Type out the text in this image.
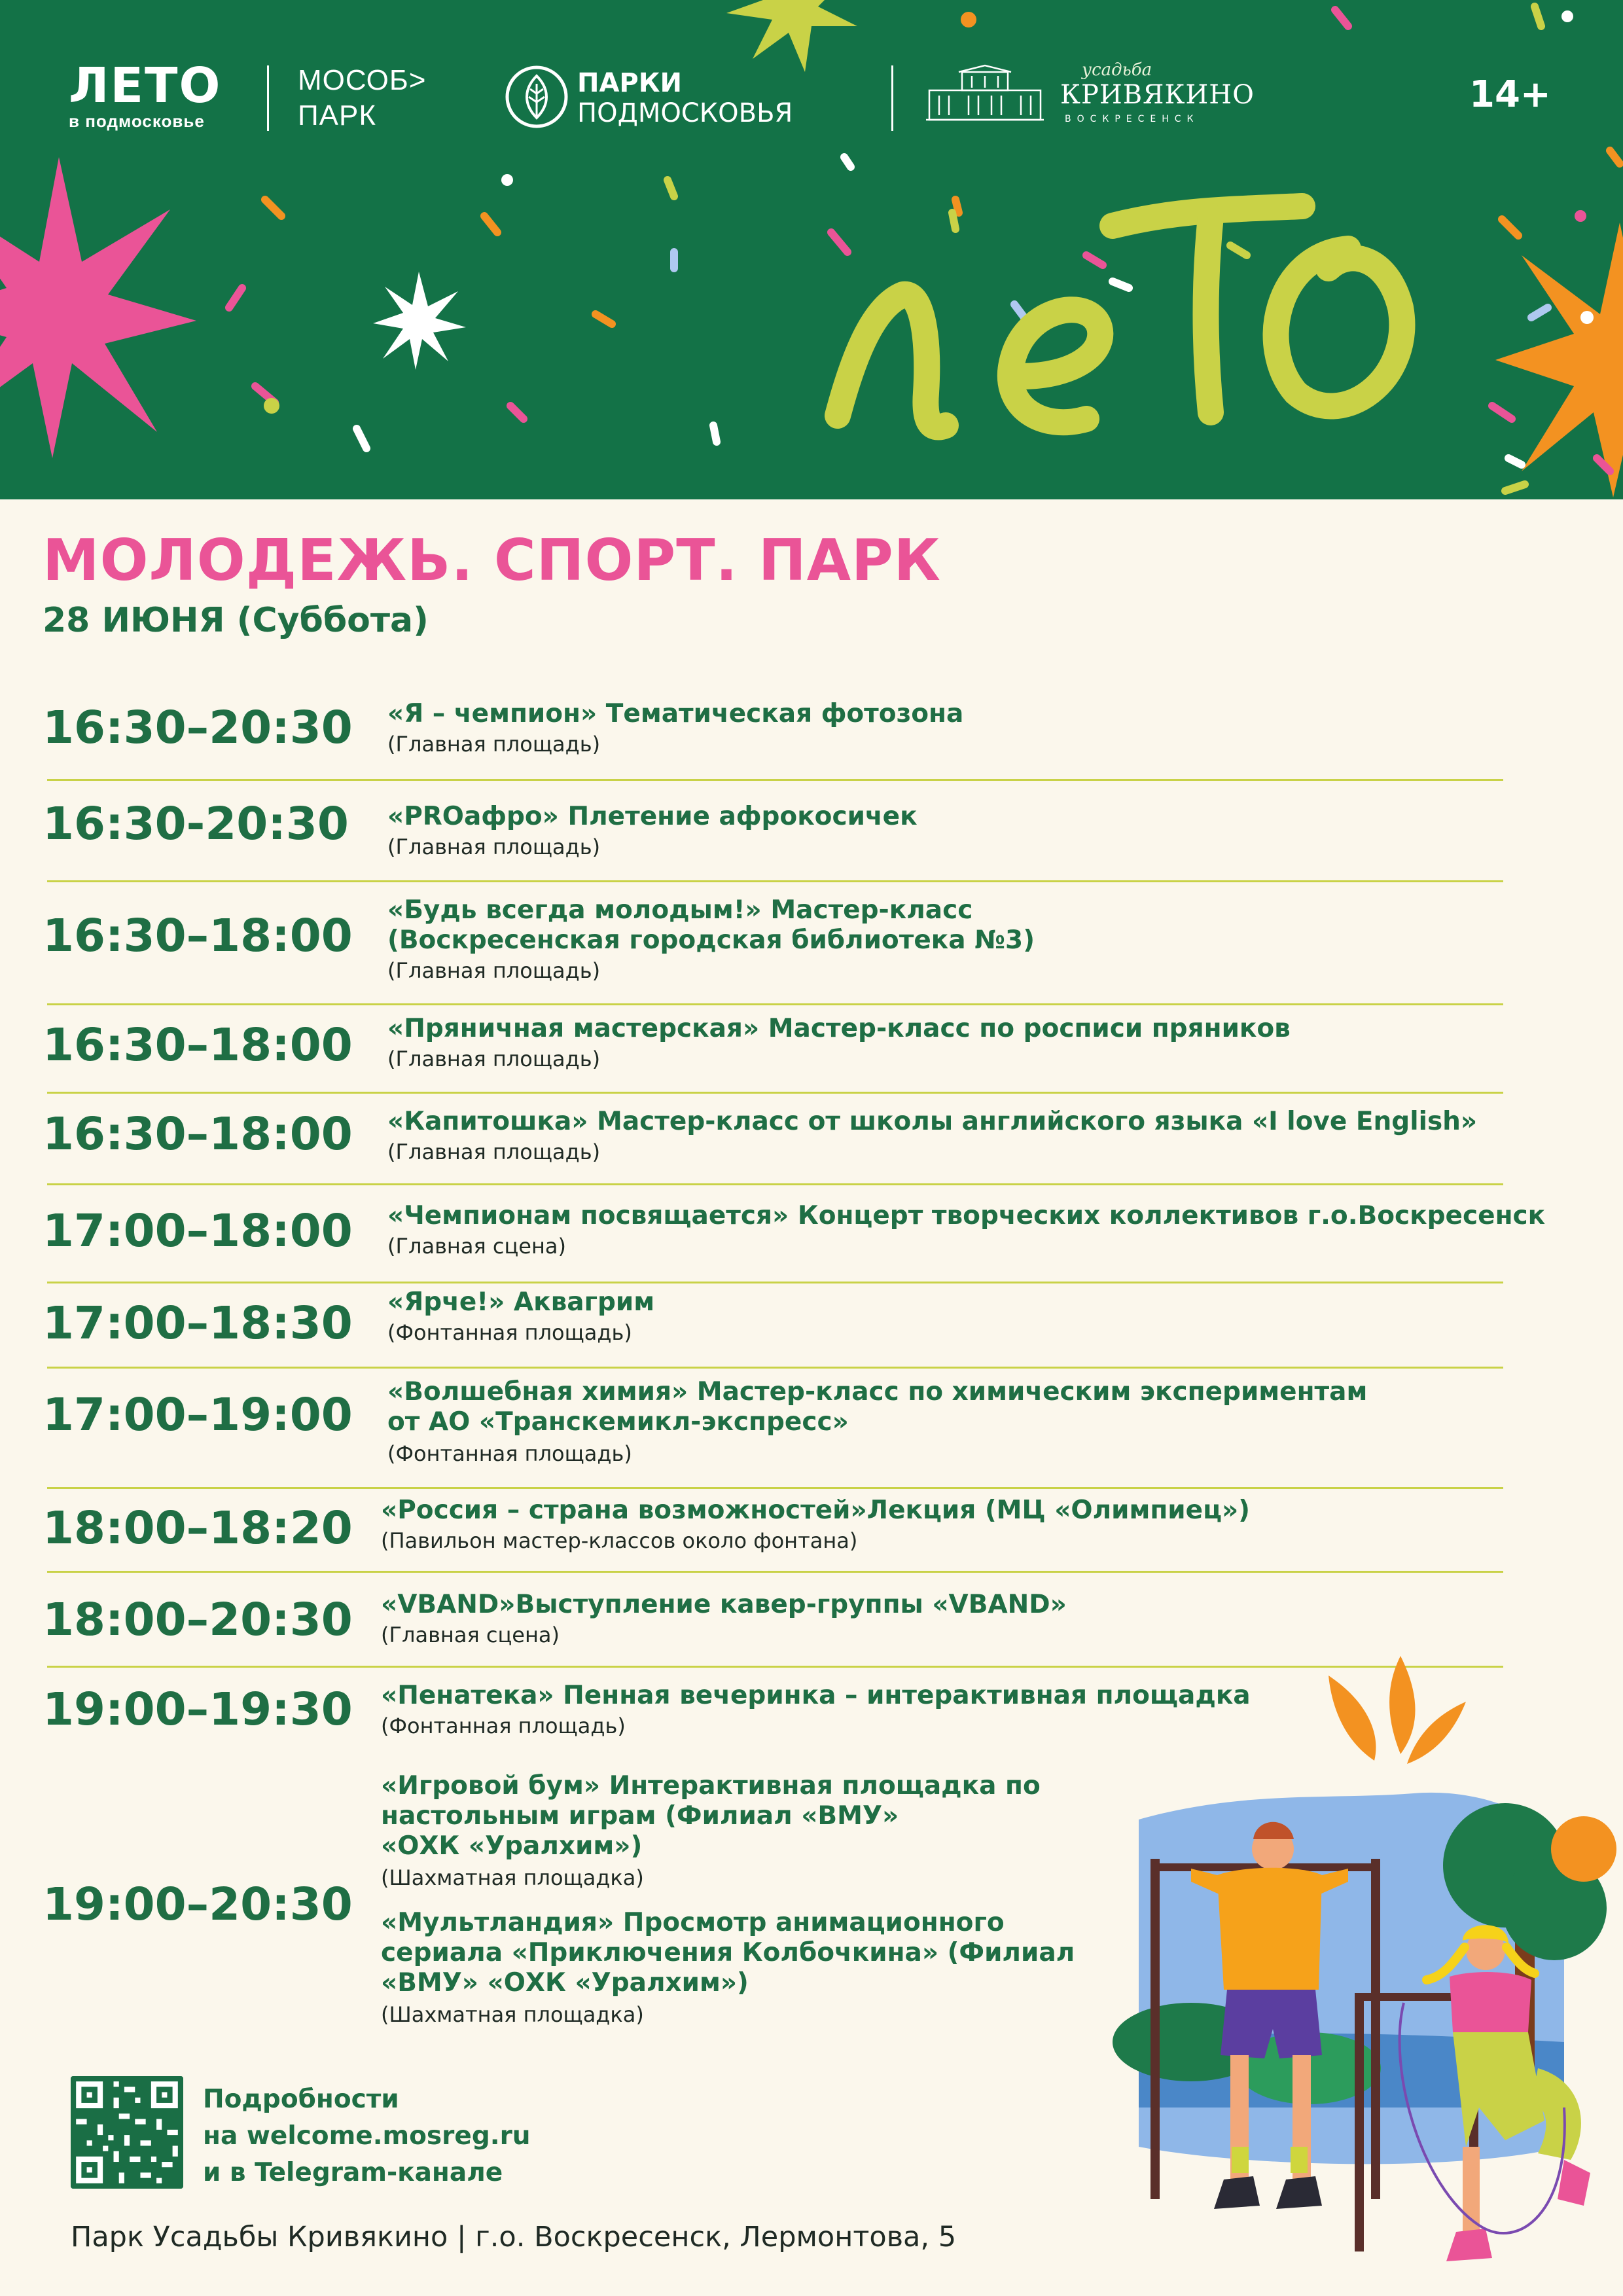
ЛЕТО
в подмосковье
МОСОБ>
ПАРК
ПАРКИ
ПОДМОСКОВЬЯ
усадьба
КРИВЯКИНО
ВОСКРЕСЕНСК
14+
МОЛОДЕЖЬ. СПОРТ. ПАРК
28 ИЮНЯ (Суббота)
16:30–20:30 «Я – чемпион» Тематическая фотозона
(Главная площадь)
16:30-20:30 «PROафро» Плетение афрокосичек
(Главная площадь)
16:30–18:00 «Будь всегда молодым!» Мастер-класс
(Воскресенская городская библиотека №3)
(Главная площадь)
16:30–18:00 «Пряничная мастерская» Мастер-класс по росписи пряников
(Главная площадь)
16:30–18:00 «Капитошка» Мастер-класс от школы английского языка «I love English»
(Главная площадь)
17:00–18:00 «Чемпионам посвящается» Концерт творческих коллективов г.о.Воскресенск
(Главная сцена)
17:00–18:30 «Ярче!» Аквагрим
(Фонтанная площадь)
17:00–19:00 «Волшебная химия» Мастер-класс по химическим экспериментам
от АО «Транскемикл-экспресс»
(Фонтанная площадь)
18:00–18:20 «Россия – страна возможностей»Лекция (МЦ «Олимпиец»)
(Павильон мастер-классов около фонтана)
18:00–20:30 «VBAND»Выступление кавер-группы «VBAND»
(Главная сцена)
19:00–19:30 «Пенатека» Пенная вечеринка – интерактивная площадка
(Фонтанная площадь)
19:00–20:30
«Игровой бум» Интерактивная площадка по
настольным играм (Филиал «ВМУ»
«ОХК «Уралхим»)
(Шахматная площадка)
«Мультландия» Просмотр анимационного
сериала «Приключения Колбочкина» (Филиал
«ВМУ» «ОХК «Уралхим»)
(Шахматная площадка)
Подробности
на welcome.mosreg.ru
и в Telegram-канале
Парк Усадьбы Кривякино | г.о. Воскресенск, Лермонтова, 5
